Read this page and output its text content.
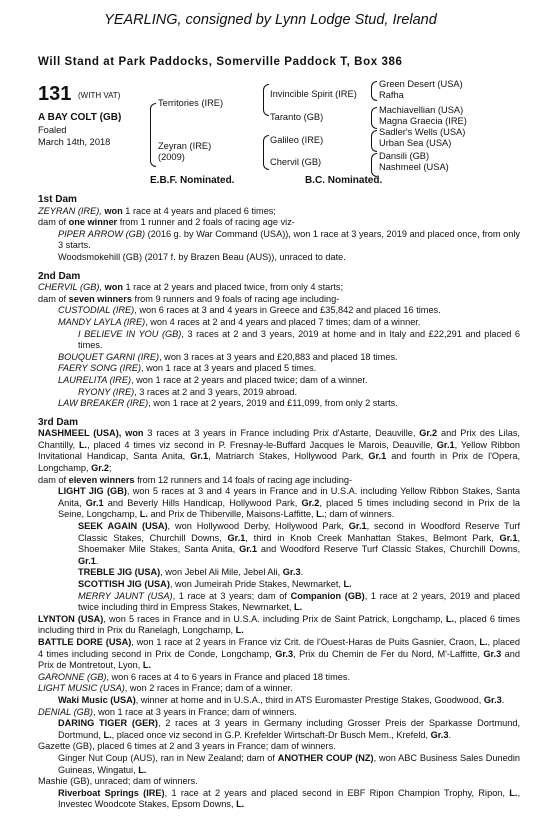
YEARLING, consigned by Lynn Lodge Stud, Ireland
Will Stand at Park Paddocks, Somerville Paddock T, Box 386
131 (WITH VAT)
A BAY COLT (GB)
Foaled
March 14th, 2018
Territories (IRE)
Zeyran (IRE)
(2009)
Invincible Spirit (IRE)
Taranto (GB)
Galileo (IRE)
Chervil (GB)
Green Desert (USA)
Rafha
Machiavellian (USA)
Magna Graecia (IRE)
Sadler's Wells (USA)
Urban Sea (USA)
Dansili (GB)
Nashmeel (USA)
E.B.F. Nominated.	B.C. Nominated.

1st Dam

ZEYRAN (IRE), won 1 race at 4 years and placed 6 times;

dam of one winner from 1 runner and 2 foals of racing age viz-

PIPER ARROW (GB) (2016 g. by War Command (USA)), won 1 race at 3 years, 2019 and placed once, from only 3 starts.

Woodsmokehill (GB) (2017 f. by Brazen Beau (AUS)), unraced to date.

2nd Dam

CHERVIL (GB), won 1 race at 2 years and placed twice, from only 4 starts;

dam of seven winners from 9 runners and 9 foals of racing age including-

CUSTODIAL (IRE), won 6 races at 3 and 4 years in Greece and £35,842 and placed 16 times.

MANDY LAYLA (IRE), won 4 races at 2 and 4 years and placed 7 times; dam of a winner.

I BELIEVE IN YOU (GB), 3 races at 2 and 3 years, 2019 at home and in Italy and £22,291 and placed 6 times.

BOUQUET GARNI (IRE), won 3 races at 3 years and £20,883 and placed 18 times.

FAERY SONG (IRE), won 1 race at 3 years and placed 5 times.

LAURELITA (IRE), won 1 race at 2 years and placed twice; dam of a winner.

RYONY (IRE), 3 races at 2 and 3 years, 2019 abroad.

LAW BREAKER (IRE), won 1 race at 2 years, 2019 and £11,099, from only 2 starts.

3rd Dam

NASHMEEL (USA), won 3 races at 3 years in France including Prix d'Astarte, Deauville, Gr.2 and Prix des Lilas, Chantilly, L., placed 4 times viz second in P. Fresnay-le-Buffard Jacques le Marois, Deauville, Gr.1, Yellow Ribbon Invitational Handicap, Santa Anita, Gr.1, Matriarch Stakes, Hollywood Park, Gr.1 and fourth in Prix de l'Opera, Longchamp, Gr.2;

dam of eleven winners from 12 runners and 14 foals of racing age including-

LIGHT JIG (GB), won 5 races at 3 and 4 years in France and in U.S.A. including Yellow Ribbon Stakes, Santa Anita, Gr.1 and Beverly Hills Handicap, Hollywood Park, Gr.2, placed 5 times including second in Prix de la Seine, Longchamp, L. and Prix de Thiberville, Maisons-Laffitte, L.; dam of winners.

SEEK AGAIN (USA), won Hollywood Derby, Hollywood Park, Gr.1, second in Woodford Reserve Turf Classic Stakes, Churchill Downs, Gr.1, third in Knob Creek Manhattan Stakes, Belmont Park, Gr.1, Shoemaker Mile Stakes, Santa Anita, Gr.1 and Woodford Reserve Turf Classic Stakes, Churchill Downs, Gr.1.

TREBLE JIG (USA), won Jebel Ali Mile, Jebel Ali, Gr.3.

SCOTTISH JIG (USA), won Jumeirah Pride Stakes, Newmarket, L.

MERRY JAUNT (USA), 1 race at 3 years; dam of Companion (GB), 1 race at 2 years, 2019 and placed twice including third in Empress Stakes, Newmarket, L.

LYNTON (USA), won 5 races in France and in U.S.A. including Prix de Saint Patrick, Longchamp, L., placed 6 times including third in Prix du Ranelagh, Longchamp, L.

BATTLE DORE (USA), won 1 race at 2 years in France viz Crit. de l'Ouest-Haras de Puits Gasnier, Craon, L., placed 4 times including second in Prix de Conde, Longchamp, Gr.3, Prix du Chemin de Fer du Nord, M'-Laffitte, Gr.3 and Prix de Montretout, Lyon, L.

GARONNE (GB), won 6 races at 4 to 6 years in France and placed 18 times.

LIGHT MUSIC (USA), won 2 races in France; dam of a winner.

Waki Music (USA), winner at home and in U.S.A., third in ATS Euromaster Prestige Stakes, Goodwood, Gr.3.

DENIAL (GB), won 1 race at 3 years in France; dam of winners.

DARING TIGER (GER), 2 races at 3 years in Germany including Grosser Preis der Sparkasse Dortmund, Dortmund, L., placed once viz second in G.P. Krefelder Wirtschaft-Dr Busch Mem., Krefeld, Gr.3.

Gazette (GB), placed 6 times at 2 and 3 years in France; dam of winners.

Ginger Nut Coup (AUS), ran in New Zealand; dam of ANOTHER COUP (NZ), won ABC Business Sales Dunedin Guineas, Wingatui, L.

Mashie (GB), unraced; dam of winners.

Riverboat Springs (IRE), 1 race at 2 years and placed second in EBF Ripon Champion Trophy, Ripon, L., Investec Woodcote Stakes, Epsom Downs, L.
